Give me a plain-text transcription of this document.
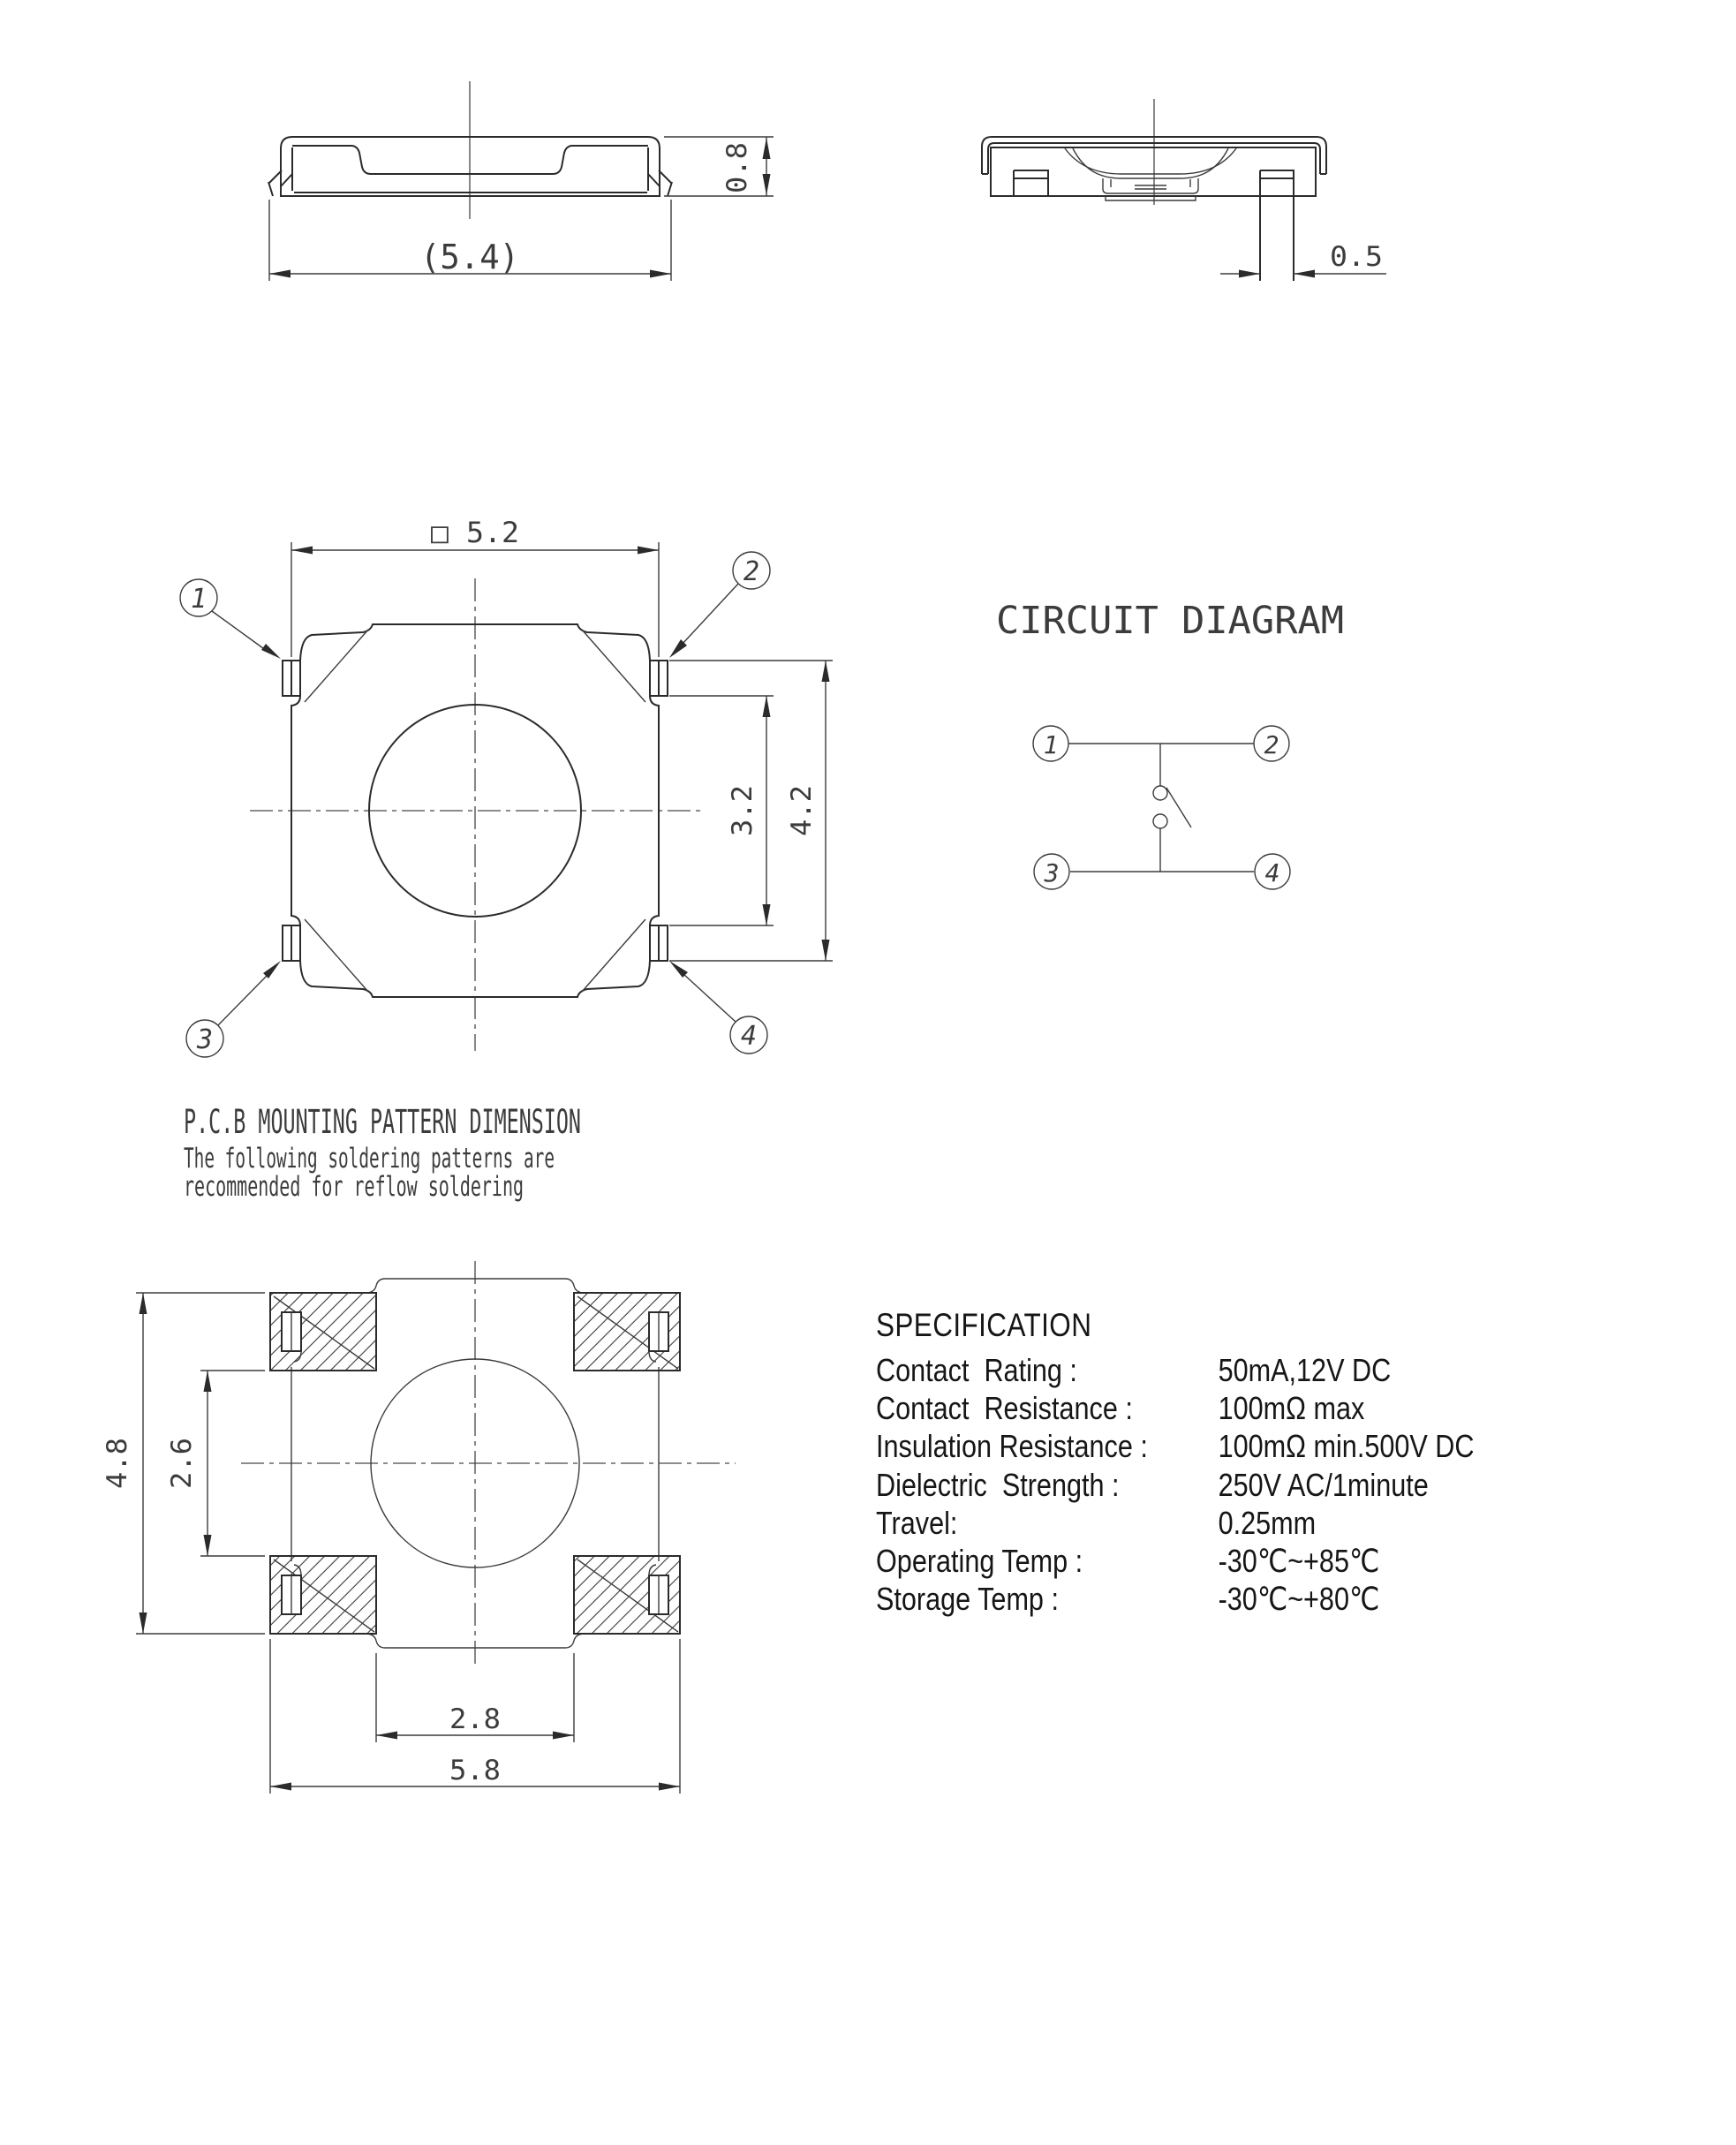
(5.4)
0.8
0.5
□ 5.2
3.2 4.2
1
2
3	4
CIRCUIT DIAGRAM
1	2
3	4
P.C.B MOUNTING PATTERN DIMENSION
The following soldering patterns are
recommended for reflow soldering
4.8 2.6
2.8
5.8
SPECIFICATION
Contact  Rating :	50mA,12V DC
Contact  Resistance :	100mΩ max
Insulation Resistance : 100mΩ min.500V DC
Dielectric  Strength :	250V AC/1minute
Travel:	0.25mm
Operating Temp :	-30℃~+85℃
Storage Temp :	-30℃~+80℃
